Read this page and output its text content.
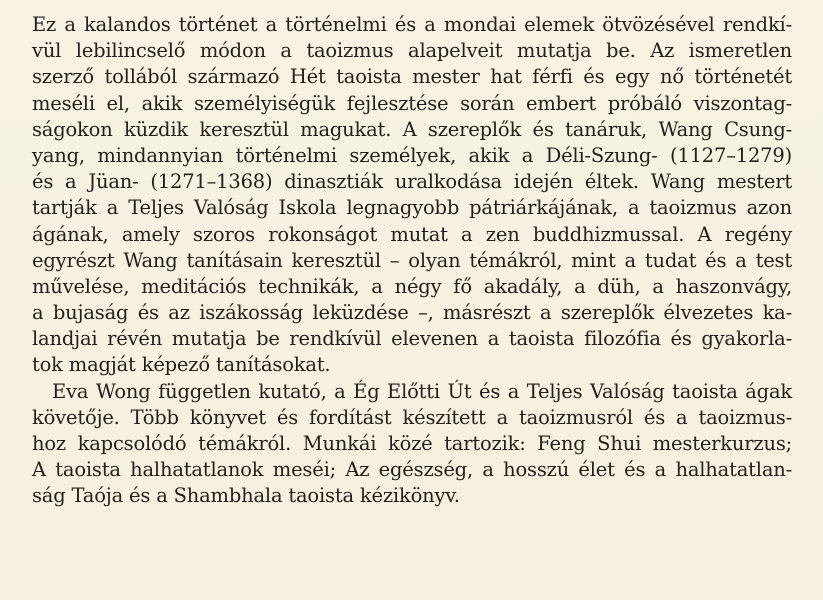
Ez a kalandos történet a történelmi és a mondai elemek ötvözésével rendkí-
vül lebilincselő módon a taoizmus alapelveit mutatja be. Az ismeretlen
szerző tollából származó Hét taoista mester hat férfi és egy nő történetét
meséli el, akik személyiségük fejlesztése során embert próbáló viszontag-
ságokon küzdik keresztül magukat. A szereplők és tanáruk, Wang Csung-
yang, mindannyian történelmi személyek, akik a Déli-Szung- (1127–1279)
és a Jüan- (1271–1368) dinasztiák uralkodása idején éltek. Wang mestert
tartják a Teljes Valóság Iskola legnagyobb pátriárkájának, a taoizmus azon
ágának, amely szoros rokonságot mutat a zen buddhizmussal. A regény
egyrészt Wang tanításain keresztül – olyan témákról, mint a tudat és a test
művelése, meditációs technikák, a négy fő akadály, a düh, a haszonvágy,
a bujaság és az iszákosság leküzdése –, másrészt a szereplők élvezetes ka-
landjai révén mutatja be rendkívül elevenen a taoista filozófia és gyakorla-
tok magját képező tanításokat.
Eva Wong független kutató, a Ég Előtti Út és a Teljes Valóság taoista ágak
követője. Több könyvet és fordítást készített a taoizmusról és a taoizmus-
hoz kapcsolódó témákról. Munkái közé tartozik: Feng Shui mesterkurzus;
A taoista halhatatlanok meséi; Az egészség, a hosszú élet és a halhatatlan-
ság Taója és a Shambhala taoista kézikönyv.
